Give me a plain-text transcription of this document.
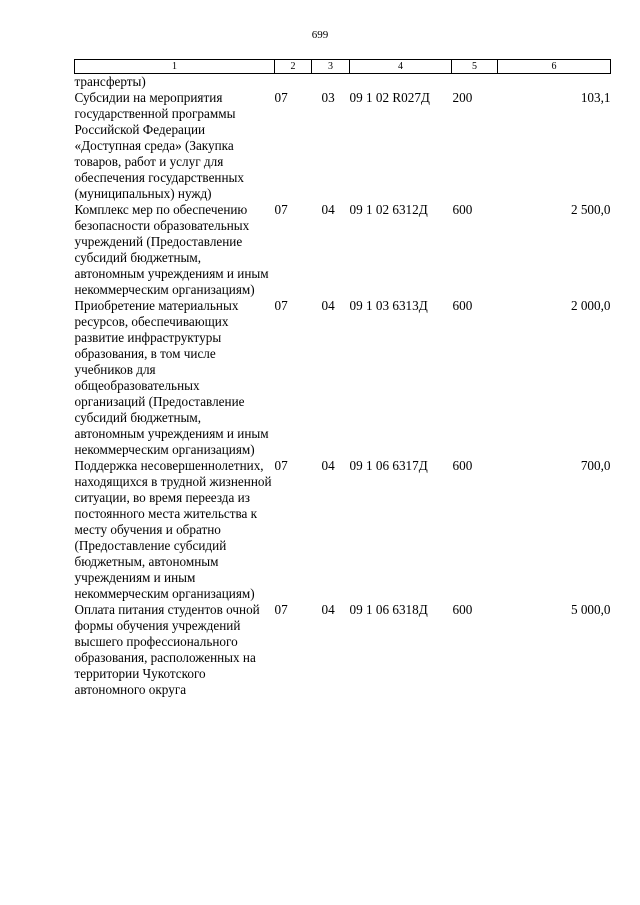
699
1	2	3	4	5	6
трансферты)					
Субсидии на мероприятия государственной программы Российской Федерации «Доступная среда» (Закупка товаров, работ и услуг для обеспечения государственных (муниципальных) нужд)	07	03	09 1 02 R027Д	200	103,1
Комплекс мер по обеспечению безопасности образовательных учреждений (Предоставление субсидий бюджетным, автономным учреждениям и иным некоммерческим организациям)	07	04	09 1 02 6312Д	600	2 500,0
Приобретение материальных ресурсов, обеспечивающих развитие инфраструктуры образования, в том числе учебников для общеобразовательных организаций (Предоставление субсидий бюджетным, автономным учреждениям и иным некоммерческим организациям)	07	04	09 1 03 6313Д	600	2 000,0
Поддержка несовершеннолетних, находящихся в трудной жизненной ситуации, во время переезда из постоянного места жительства к месту обучения и обратно (Предоставление субсидий бюджетным, автономным учреждениям и иным некоммерческим организациям)	07	04	09 1 06 6317Д	600	700,0
Оплата питания студентов очной формы обучения учреждений высшего профессионального образования, расположенных на территории Чукотского автономного округа	07	04	09 1 06 6318Д	600	5 000,0
